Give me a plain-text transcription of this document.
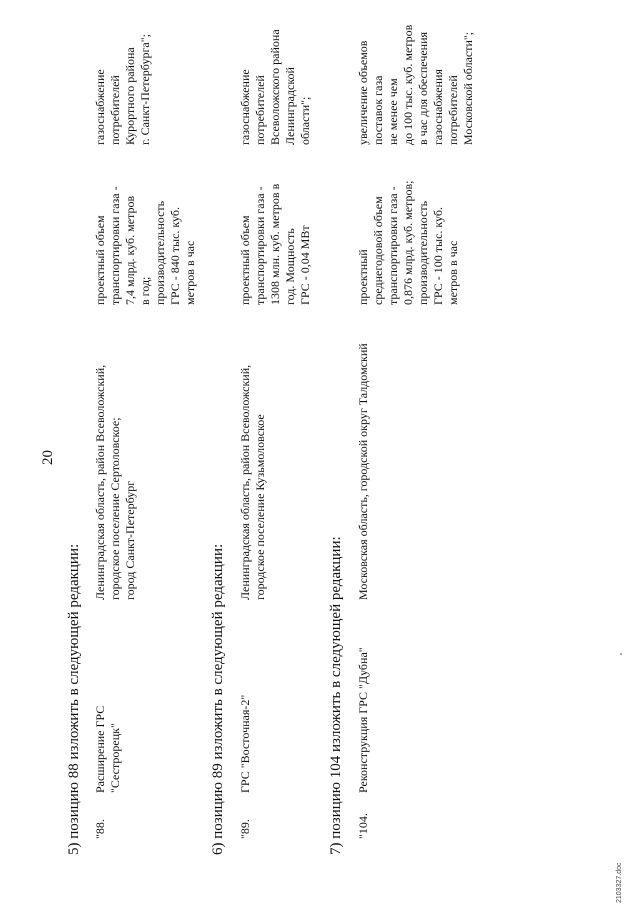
20
5) позицию 88 изложить в следующей редакции: "88.
Расширение ГРС "Сестрорецк"
Ленинградская область, район Всеволожский,
городское поселение Сертоловское;
город Санкт-Петербург
проектный объем
транспортировки газа -
7,4 млрд. куб. метров
в год;
производительность
ГРС - 840 тыс. куб.
метров в час
газоснабжение
потребителей
Курортного района
г. Санкт-Петербурга";
6) позицию 89 изложить в следующей редакции: "89.
ГРС "Восточная-2"
Ленинградская область, район Всеволожский,
городское поселение Кузьмоловское
проектный объем
транспортировки газа -
1308 млн. куб. метров в
год. Мощность
ГРС - 0,04 МВт
газоснабжение
потребителей
Всеволожского района
Ленинградской
области";
7) позицию 104 изложить в следующей редакции: "104.
Реконструкция ГРС "Дубна"
Московская область, городской округ Талдомский
проектный
среднегодовой объем
транспортировки газа -
0,876 млрд. куб. метров;
производительность
ГРС - 100 тыс. куб.
метров в час
увеличение объемов
поставок газа
не менее чем
до 100 тыс. куб. метров
в час для обеспечения
газоснабжения
потребителей
Московской области";
2103327.doc
